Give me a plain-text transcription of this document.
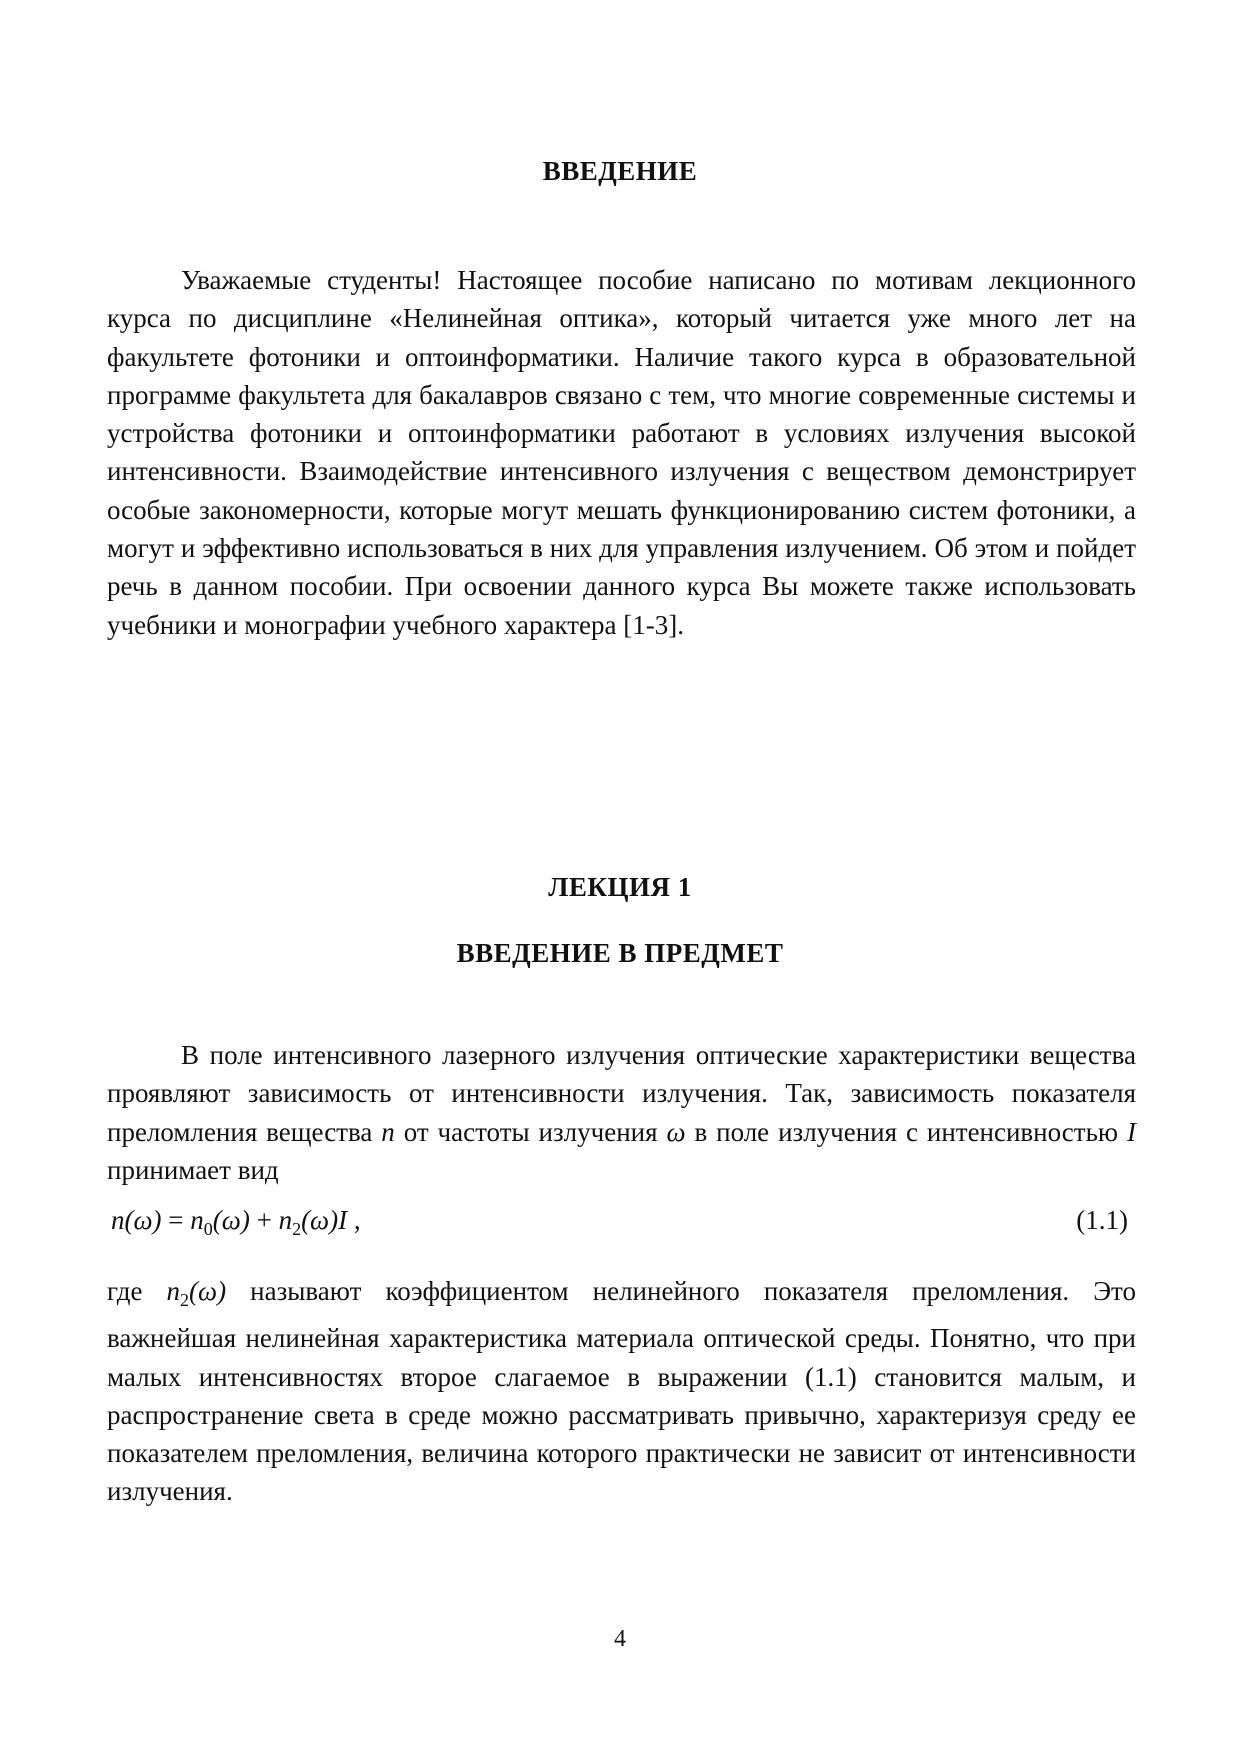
ВВЕДЕНИЕ

Уважаемые студенты! Настоящее пособие написано по мотивам лекционного курса по дисциплине «Нелинейная оптика», который читается уже много лет на факультете фотоники и оптоинформатики. Наличие такого курса в образовательной программе факультета для бакалавров связано с тем, что многие современные системы и устройства фотоники и оптоинформатики работают в условиях излучения высокой интенсивности. Взаимодействие интенсивного излучения с веществом демонстрирует особые закономерности, которые могут мешать функционированию систем фотоники, а могут и эффективно использоваться в них для управления излучением. Об этом и пойдет речь в данном пособии. При освоении данного курса Вы можете также использовать учебники и монографии учебного характера [1-3].

ЛЕКЦИЯ 1
ВВЕДЕНИЕ В ПРЕДМЕТ

В поле интенсивного лазерного излучения оптические характеристики вещества проявляют зависимость от интенсивности излучения. Так, зависимость показателя преломления вещества n от частоты излучения ω в поле излучения с интенсивностью I принимает вид

$n(\omega) = n_0(\omega) + n_2(\omega)I$ ,	(1.1)

где $n_2(\omega)$ называют коэффициентом нелинейного показателя преломления. Это важнейшая нелинейная характеристика материала оптической среды. Понятно, что при малых интенсивностях второе слагаемое в выражении (1.1) становится малым, и распространение света в среде можно рассматривать привычно, характеризуя среду ее показателем преломления, величина которого практически не зависит от интенсивности излучения.

4
